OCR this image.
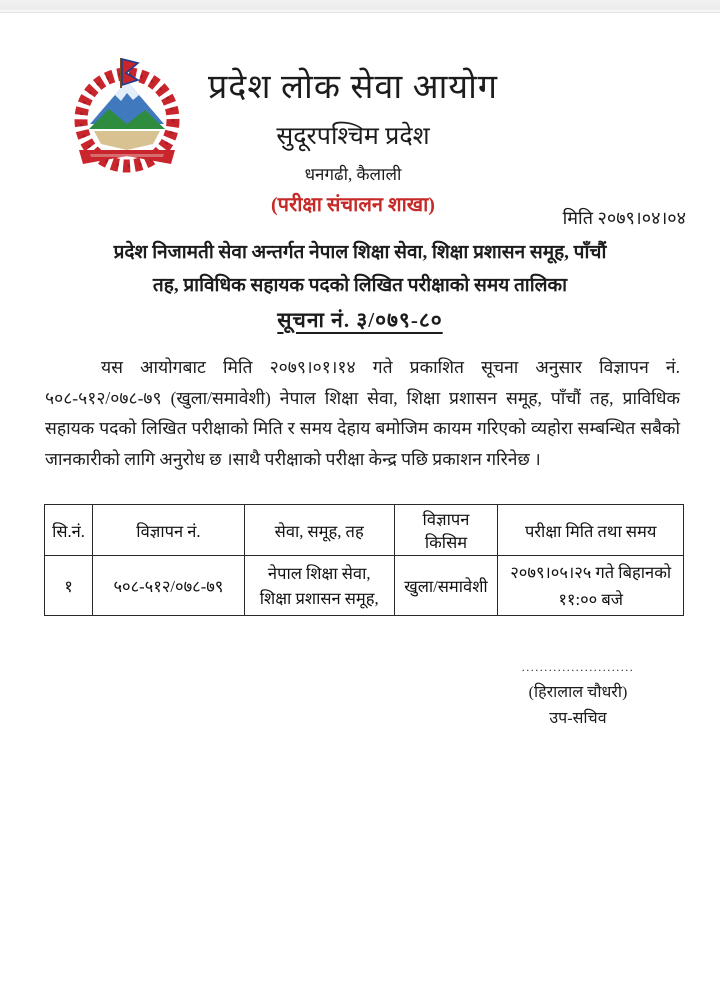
प्रदेश लोक सेवा आयोग
सुदूरपश्चिम प्रदेश
धनगढी, कैलाली
(परीक्षा संचालन शाखा)
मिति २०७९।०४।०४
प्रदेश निजामती सेवा अन्तर्गत नेपाल शिक्षा सेवा, शिक्षा प्रशासन समूह, पाँचौं
तह, प्राविधिक सहायक पदको लिखित परीक्षाको समय तालिका
सूचना नं. ३/०७९-८०

यस आयोगबाट मिति २०७९।०१।१४ गते प्रकाशित सूचना अनुसार विज्ञापन नं. ५०८-५१२/०७८-७९ (खुला/समावेशी) नेपाल शिक्षा सेवा, शिक्षा प्रशासन समूह, पाँचौं तह, प्राविधिक सहायक पदको लिखित परीक्षाको मिति र समय देहाय बमोजिम कायम गरिएको व्यहोरा सम्बन्धित सबैको जानकारीको लागि अनुरोध छ ।साथै परीक्षाको परीक्षा केन्द्र पछि प्रकाशन गरिनेछ ।

सि.नं.	विज्ञापन नं.	सेवा, समूह, तह	विज्ञापन किसिम	परीक्षा मिति तथा समय
१	५०८-५१२/०७८-७९	नेपाल शिक्षा सेवा, शिक्षा प्रशासन समूह,	खुला/समावेशी	२०७९।०५।२५ गते बिहानको ११:०० बजे
.........................
(हिरालाल चौधरी)
उप-सचिव
